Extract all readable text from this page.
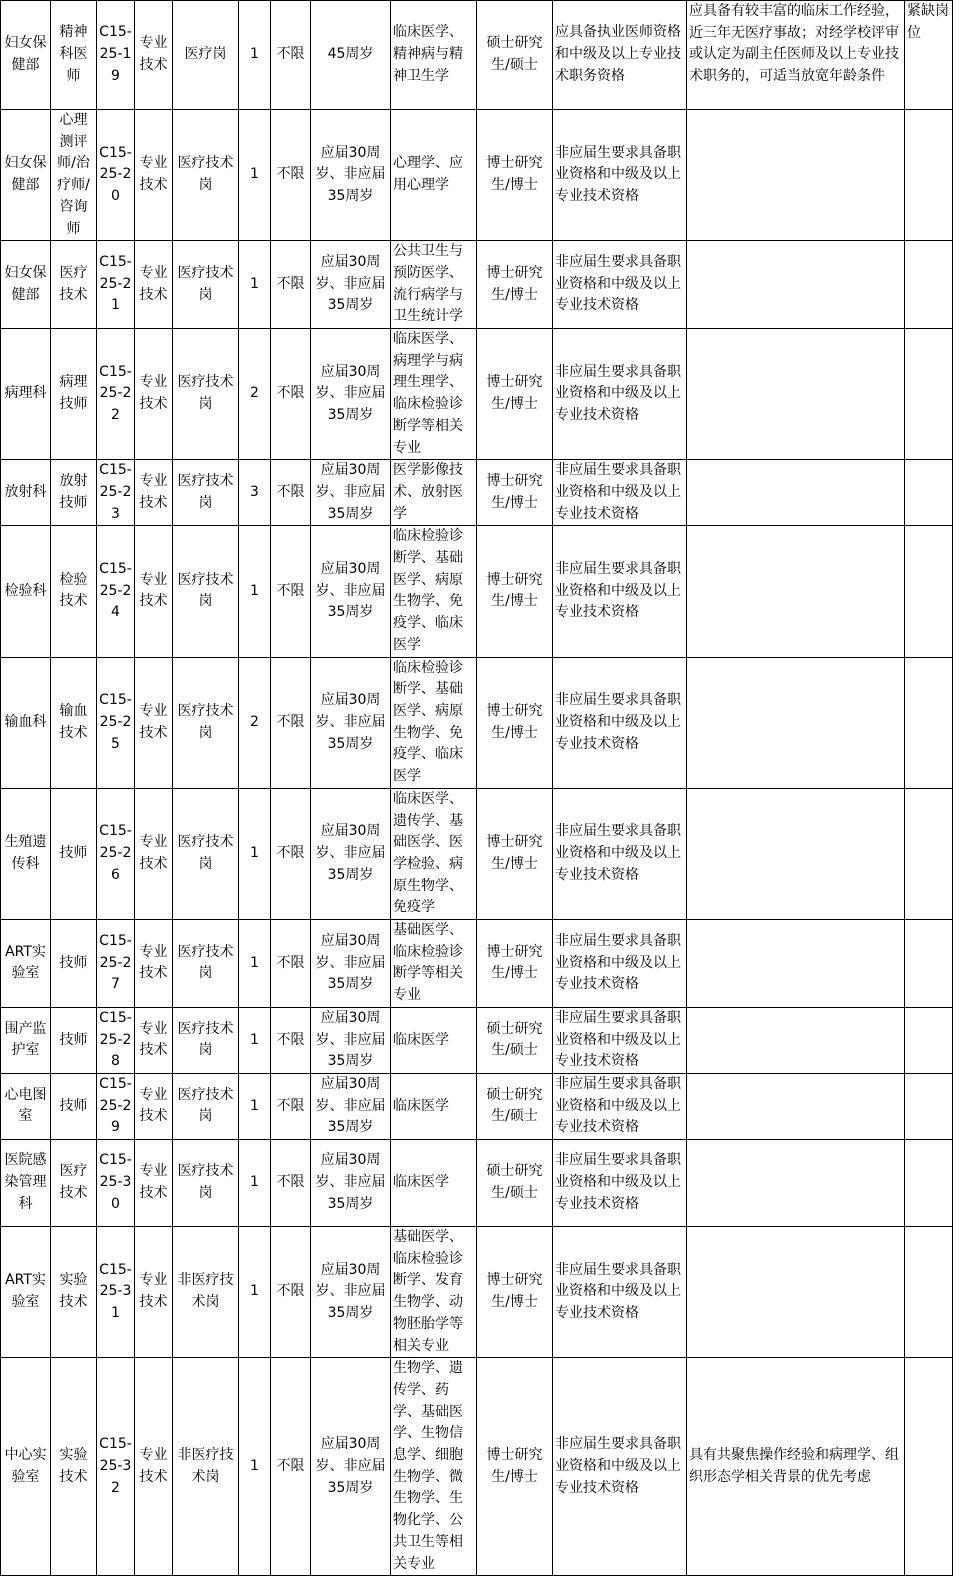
妇女保健部	精神科医师	C15-25-19	专业技术	医疗岗	1	不限	45周岁	临床医学、精神病与精神卫生学	硕士研究生/硕士	应具备执业医师资格和中级及以上专业技术职务资格	应具备有较丰富的临床工作经验，近三年无医疗事故；对经学校评审或认定为副主任医师及以上专业技术职务的，可适当放宽年龄条件	紧缺岗位
妇女保健部	心理测评师/治疗师/咨询师	C15-25-20	专业技术	医疗技术岗	1	不限	应届30周岁、非应届35周岁	心理学、应用心理学	博士研究生/博士	非应届生要求具备职业资格和中级及以上专业技术资格		
妇女保健部	医疗技术	C15-25-21	专业技术	医疗技术岗	1	不限	应届30周岁、非应届35周岁	公共卫生与预防医学、流行病学与卫生统计学	博士研究生/博士	非应届生要求具备职业资格和中级及以上专业技术资格		
病理科	病理技师	C15-25-22	专业技术	医疗技术岗	2	不限	应届30周岁、非应届35周岁	临床医学、病理学与病理生理学、临床检验诊断学等相关专业	博士研究生/博士	非应届生要求具备职业资格和中级及以上专业技术资格		
放射科	放射技师	C15-25-23	专业技术	医疗技术岗	3	不限	应届30周岁、非应届35周岁	医学影像技术、放射医学	博士研究生/博士	非应届生要求具备职业资格和中级及以上专业技术资格		
检验科	检验技术	C15-25-24	专业技术	医疗技术岗	1	不限	应届30周岁、非应届35周岁	临床检验诊断学、基础医学、病原生物学、免疫学、临床医学	博士研究生/博士	非应届生要求具备职业资格和中级及以上专业技术资格		
输血科	输血技术	C15-25-25	专业技术	医疗技术岗	2	不限	应届30周岁、非应届35周岁	临床检验诊断学、基础医学、病原生物学、免疫学、临床医学	博士研究生/博士	非应届生要求具备职业资格和中级及以上专业技术资格		
生殖遗传科	技师	C15-25-26	专业技术	医疗技术岗	1	不限	应届30周岁、非应届35周岁	临床医学、遗传学、基础医学、医学检验、病原生物学、免疫学	博士研究生/博士	非应届生要求具备职业资格和中级及以上专业技术资格		
ART实验室	技师	C15-25-27	专业技术	医疗技术岗	1	不限	应届30周岁、非应届35周岁	基础医学、临床检验诊断学等相关专业	博士研究生/博士	非应届生要求具备职业资格和中级及以上专业技术资格		
围产监护室	技师	C15-25-28	专业技术	医疗技术岗	1	不限	应届30周岁、非应届35周岁	临床医学	硕士研究生/硕士	非应届生要求具备职业资格和中级及以上专业技术资格		
心电图室	技师	C15-25-29	专业技术	医疗技术岗	1	不限	应届30周岁、非应届35周岁	临床医学	硕士研究生/硕士	非应届生要求具备职业资格和中级及以上专业技术资格		
医院感染管理科	医疗技术	C15-25-30	专业技术	医疗技术岗	1	不限	应届30周岁、非应届35周岁	临床医学	硕士研究生/硕士	非应届生要求具备职业资格和中级及以上专业技术资格		
ART实验室	实验技术	C15-25-31	专业技术	非医疗技术岗	1	不限	应届30周岁、非应届35周岁	基础医学、临床检验诊断学、发育生物学、动物胚胎学等相关专业	博士研究生/博士	非应届生要求具备职业资格和中级及以上专业技术资格		
中心实验室	实验技术	C15-25-32	专业技术	非医疗技术岗	1	不限	应届30周岁、非应届35周岁	生物学、遗传学、药学、基础医学、生物信息学、细胞生物学、微生物学、生物化学、公共卫生等相关专业	博士研究生/博士	非应届生要求具备职业资格和中级及以上专业技术资格	具有共聚焦操作经验和病理学、组织形态学相关背景的优先考虑	
